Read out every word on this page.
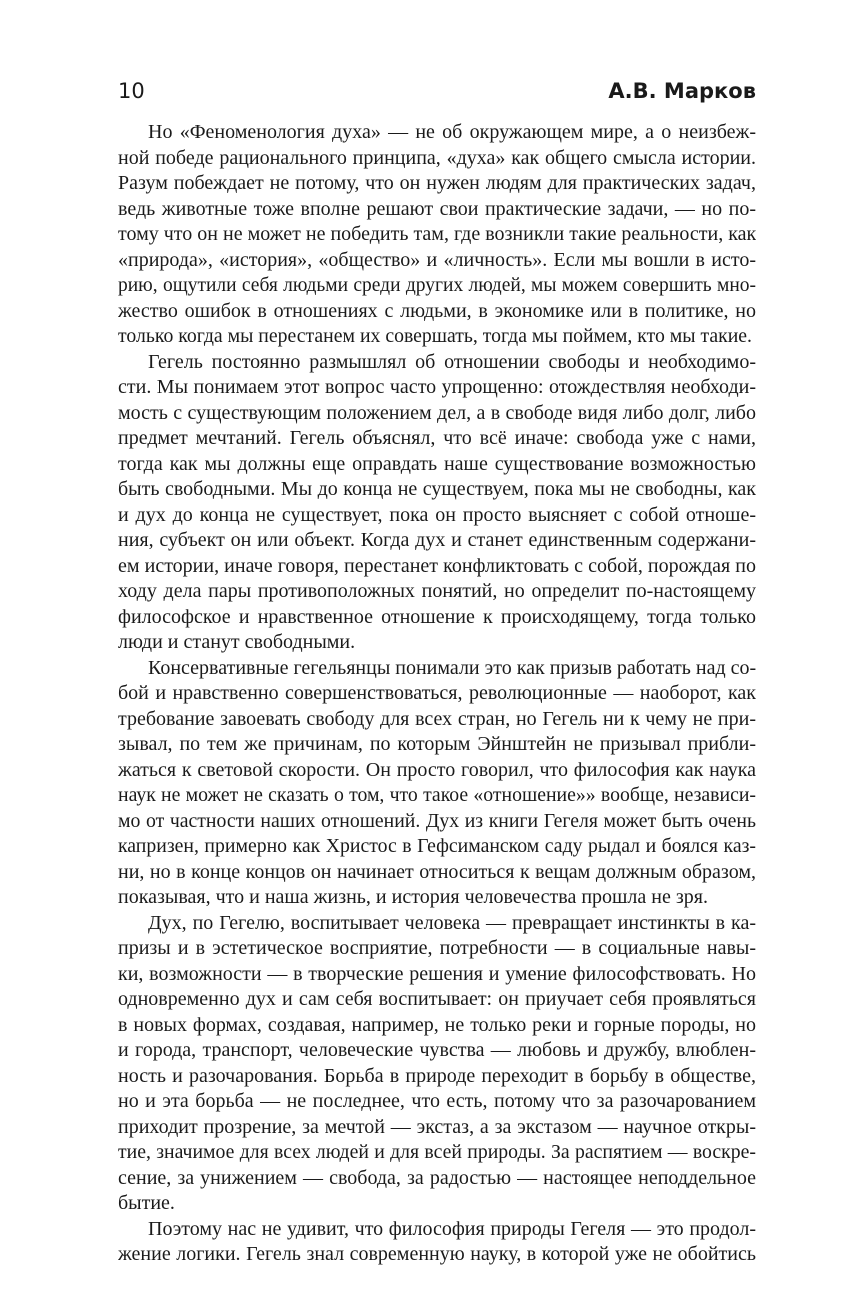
10	А.В. Марков
Но «Феноменология духа» — не об окружающем мире, а о неизбеж-
ной победе рационального принципа, «духа» как общего смысла истории.
Разум побеждает не потому, что он нужен людям для практических задач,
ведь животные тоже вполне решают свои практические задачи, — но по-
тому что он не может не победить там, где возникли такие реальности, как
«природа», «история», «общество» и «личность». Если мы вошли в исто-
рию, ощутили себя людьми среди других людей, мы можем совершить мно-
жество ошибок в отношениях с людьми, в экономике или в политике, но
только когда мы перестанем их совершать, тогда мы поймем, кто мы такие.
Гегель постоянно размышлял об отношении свободы и необходимо-
сти. Мы понимаем этот вопрос часто упрощенно: отождествляя необходи-
мость с существующим положением дел, а в свободе видя либо долг, либо
предмет мечтаний. Гегель объяснял, что всё иначе: свобода уже с нами,
тогда как мы должны еще оправдать наше существование возможностью
быть свободными. Мы до конца не существуем, пока мы не свободны, как
и дух до конца не существует, пока он просто выясняет с собой отноше-
ния, субъект он или объект. Когда дух и станет единственным содержани-
ем истории, иначе говоря, перестанет конфликтовать с собой, порождая по
ходу дела пары противоположных понятий, но определит по-настоящему
философское и нравственное отношение к происходящему, тогда только
люди и станут свободными.
Консервативные гегельянцы понимали это как призыв работать над со-
бой и нравственно совершенствоваться, революционные — наоборот, как
требование завоевать свободу для всех стран, но Гегель ни к чему не при-
зывал, по тем же причинам, по которым Эйнштейн не призывал прибли-
жаться к световой скорости. Он просто говорил, что философия как наука
наук не может не сказать о том, что такое «отношение»» вообще, независи-
мо от частности наших отношений. Дух из книги Гегеля может быть очень
капризен, примерно как Христос в Гефсиманском саду рыдал и боялся каз-
ни, но в конце концов он начинает относиться к вещам должным образом,
показывая, что и наша жизнь, и история человечества прошла не зря.
Дух, по Гегелю, воспитывает человека — превращает инстинкты в ка-
призы и в эстетическое восприятие, потребности — в социальные навы-
ки, возможности — в творческие решения и умение философствовать. Но
одновременно дух и сам себя воспитывает: он приучает себя проявляться
в новых формах, создавая, например, не только реки и горные породы, но
и города, транспорт, человеческие чувства — любовь и дружбу, влюблен-
ность и разочарования. Борьба в природе переходит в борьбу в обществе,
но и эта борьба — не последнее, что есть, потому что за разочарованием
приходит прозрение, за мечтой — экстаз, а за экстазом — научное откры-
тие, значимое для всех людей и для всей природы. За распятием — воскре-
сение, за унижением — свобода, за радостью — настоящее неподдельное
бытие.
Поэтому нас не удивит, что философия природы Гегеля — это продол-
жение логики. Гегель знал современную науку, в которой уже не обойтись
